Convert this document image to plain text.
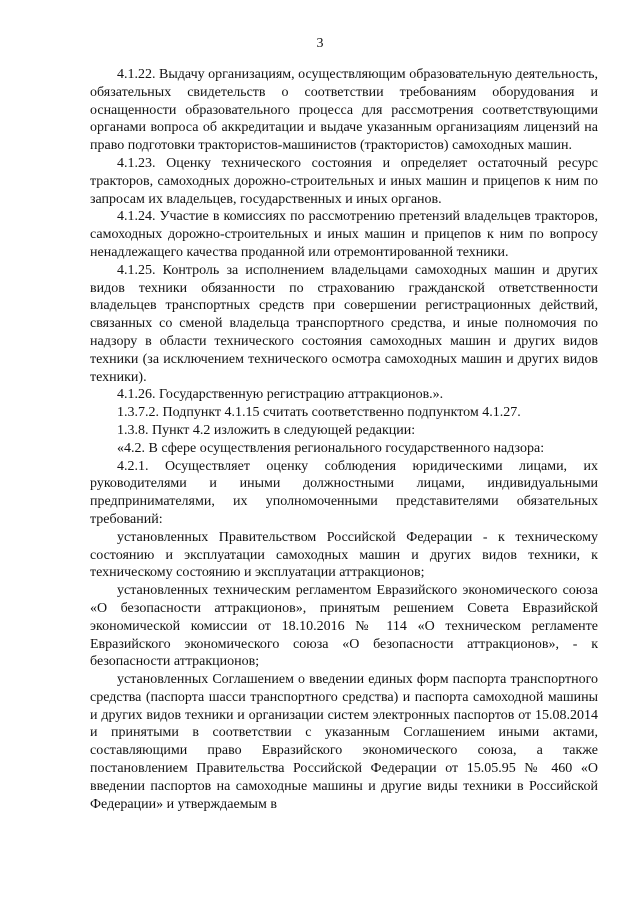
3

4.1.22. Выдачу организациям, осуществляющим образовательную деятельность, обязательных свидетельств о соответствии требованиям оборудования и оснащенности образовательного процесса для рассмотрения соответствующими органами вопроса об аккредитации и выдаче указанным организациям лицензий на право подготовки трактористов-машинистов (трактористов) самоходных машин.

4.1.23. Оценку технического состояния и определяет остаточный ресурс тракторов, самоходных дорожно-строительных и иных машин и прицепов к ним по запросам их владельцев, государственных и иных органов.

4.1.24. Участие в комиссиях по рассмотрению претензий владельцев тракторов, самоходных дорожно-строительных и иных машин и прицепов к ним по вопросу ненадлежащего качества проданной или отремонтированной техники.

4.1.25. Контроль за исполнением владельцами самоходных машин и других видов техники обязанности по страхованию гражданской ответственности владельцев транспортных средств при совершении регистрационных действий, связанных со сменой владельца транспортного средства, и иные полномочия по надзору в области технического состояния самоходных машин и других видов техники (за исключением технического осмотра самоходных машин и других видов техники).

4.1.26. Государственную регистрацию аттракционов.».

1.3.7.2. Подпункт 4.1.15 считать соответственно подпунктом 4.1.27.

1.3.8. Пункт 4.2 изложить в следующей редакции:

«4.2. В сфере осуществления регионального государственного надзора:

4.2.1. Осуществляет оценку соблюдения юридическими лицами, их руководителями и иными должностными лицами, индивидуальными предпринимателями, их уполномоченными представителями обязательных требований:

установленных Правительством Российской Федерации - к техническому состоянию и эксплуатации самоходных машин и других видов техники, к техническому состоянию и эксплуатации аттракционов;

установленных техническим регламентом Евразийского экономического союза «О безопасности аттракционов», принятым решением Совета Евразийской экономической комиссии от 18.10.2016 № 114 «О техническом регламенте Евразийского экономического союза «О безопасности аттракционов», - к безопасности аттракционов;

установленных Соглашением о введении единых форм паспорта транспортного средства (паспорта шасси транспортного средства) и паспорта самоходной машины и других видов техники и организации систем электронных паспортов от 15.08.2014 и принятыми в соответствии с указанным Соглашением иными актами, составляющими право Евразийского экономического союза, а также постановлением Правительства Российской Федерации от 15.05.95 № 460 «О введении паспортов на самоходные машины и другие виды техники в Российской Федерации» и утверждаемым в
